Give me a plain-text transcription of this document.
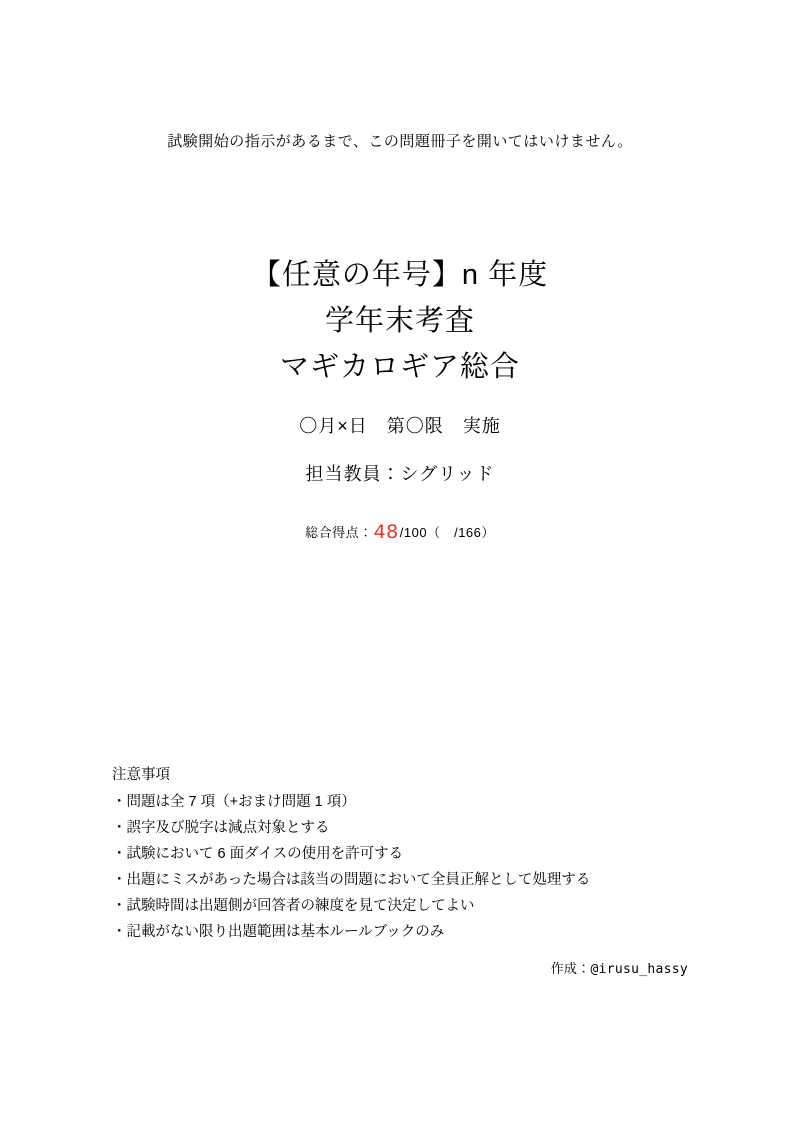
試験開始の指示があるまで、この問題冊子を開いてはいけません。
【任意の年号】n 年度
学年末考査
マギカロギア総合
〇月×日　第〇限　実施
担当教員：シグリッド
総合得点：48/100（　/166）
注意事項
・問題は全 7 項（+おまけ問題 1 項）
・誤字及び脱字は減点対象とする
・試験において 6 面ダイスの使用を許可する
・出題にミスがあった場合は該当の問題において全員正解として処理する
・試験時間は出題側が回答者の練度を見て決定してよい
・記載がない限り出題範囲は基本ルールブックのみ
作成：@irusu_hassy
